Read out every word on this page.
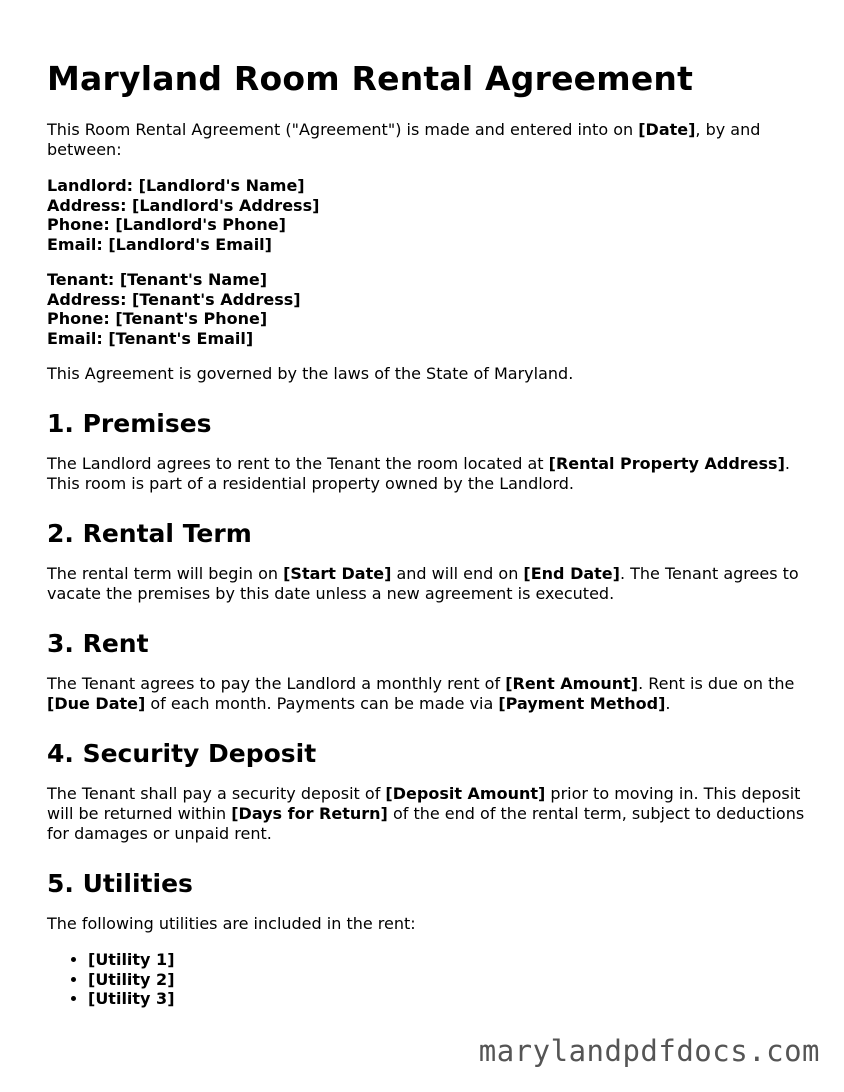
Maryland Room Rental Agreement

This Room Rental Agreement ("Agreement") is made and entered into on [Date], by and between:

Landlord: [Landlord's Name]
Address: [Landlord's Address]
Phone: [Landlord's Phone]
Email: [Landlord's Email]
Tenant: [Tenant's Name]
Address: [Tenant's Address]
Phone: [Tenant's Phone]
Email: [Tenant's Email]

This Agreement is governed by the laws of the State of Maryland.

1. Premises

The Landlord agrees to rent to the Tenant the room located at [Rental Property Address]. This room is part of a residential property owned by the Landlord.

2. Rental Term

The rental term will begin on [Start Date] and will end on [End Date]. The Tenant agrees to vacate the premises by this date unless a new agreement is executed.

3. Rent

The Tenant agrees to pay the Landlord a monthly rent of [Rent Amount]. Rent is due on the [Due Date] of each month. Payments can be made via [Payment Method].

4. Security Deposit

The Tenant shall pay a security deposit of [Deposit Amount] prior to moving in. This deposit will be returned within [Days for Return] of the end of the rental term, subject to deductions for damages or unpaid rent.

5. Utilities

The following utilities are included in the rent:

• [Utility 1]
• [Utility 2]
• [Utility 3]
marylandpdfdocs.com
